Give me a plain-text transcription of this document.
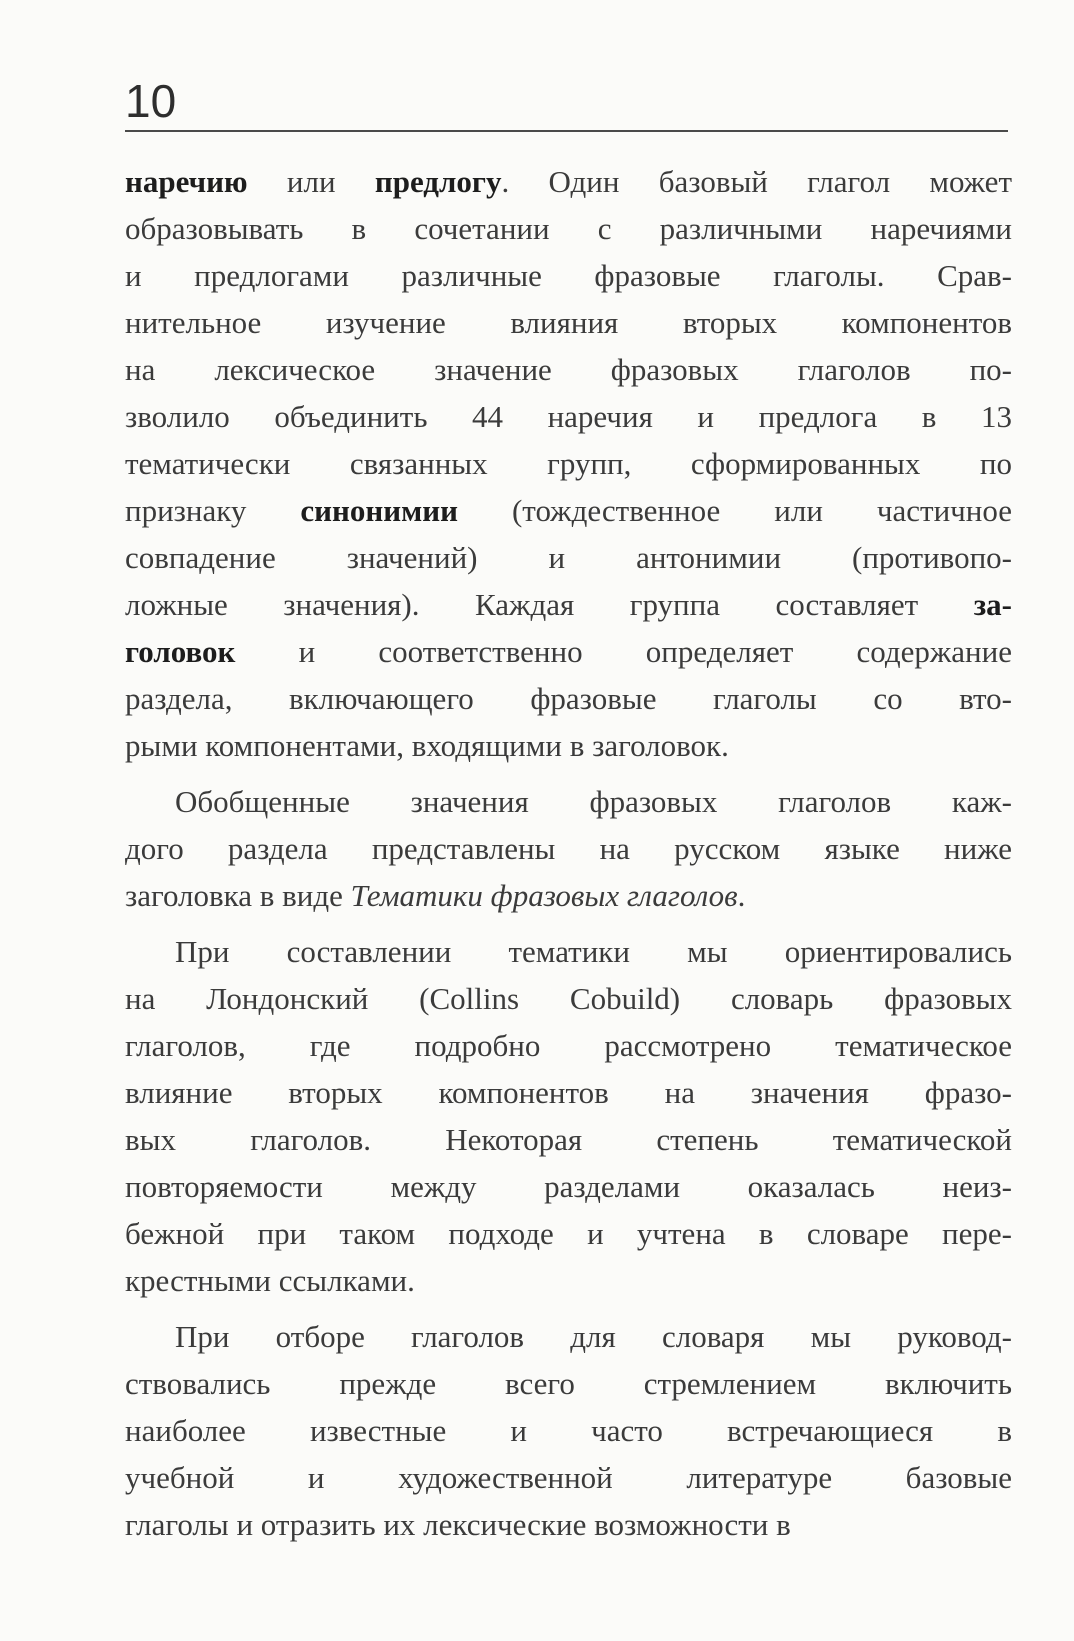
10
наречию или предлогу. Один базовый глагол может
образовывать в сочетании с различными наречиями
и предлогами различные фразовые глаголы. Срав-
нительное изучение влияния вторых компонентов
на лексическое значение фразовых глаголов по-
зволило объединить 44 наречия и предлога в 13
тематически связанных групп, сформированных по
признаку синонимии (тождественное или частичное
совпадение значений) и антонимии (противопо-
ложные значения). Каждая группа составляет за-
головок и соответственно определяет содержание
раздела, включающего фразовые глаголы со вто-
рыми компонентами, входящими в заголовок.
Обобщенные значения фразовых глаголов каж-
дого раздела представлены на русском языке ниже
заголовка в виде Тематики фразовых глаголов.
При составлении тематики мы ориентировались
на Лондонский (Collins Cobuild) словарь фразовых
глаголов, где подробно рассмотрено тематическое
влияние вторых компонентов на значения фразо-
вых глаголов. Некоторая степень тематической
повторяемости между разделами оказалась неиз-
бежной при таком подходе и учтена в словаре пере-
крестными ссылками.
При отборе глаголов для словаря мы руковод-
ствовались прежде всего стремлением включить
наиболее известные и часто встречающиеся в
учебной и художественной литературе базовые
глаголы и отразить их лексические возможности в
